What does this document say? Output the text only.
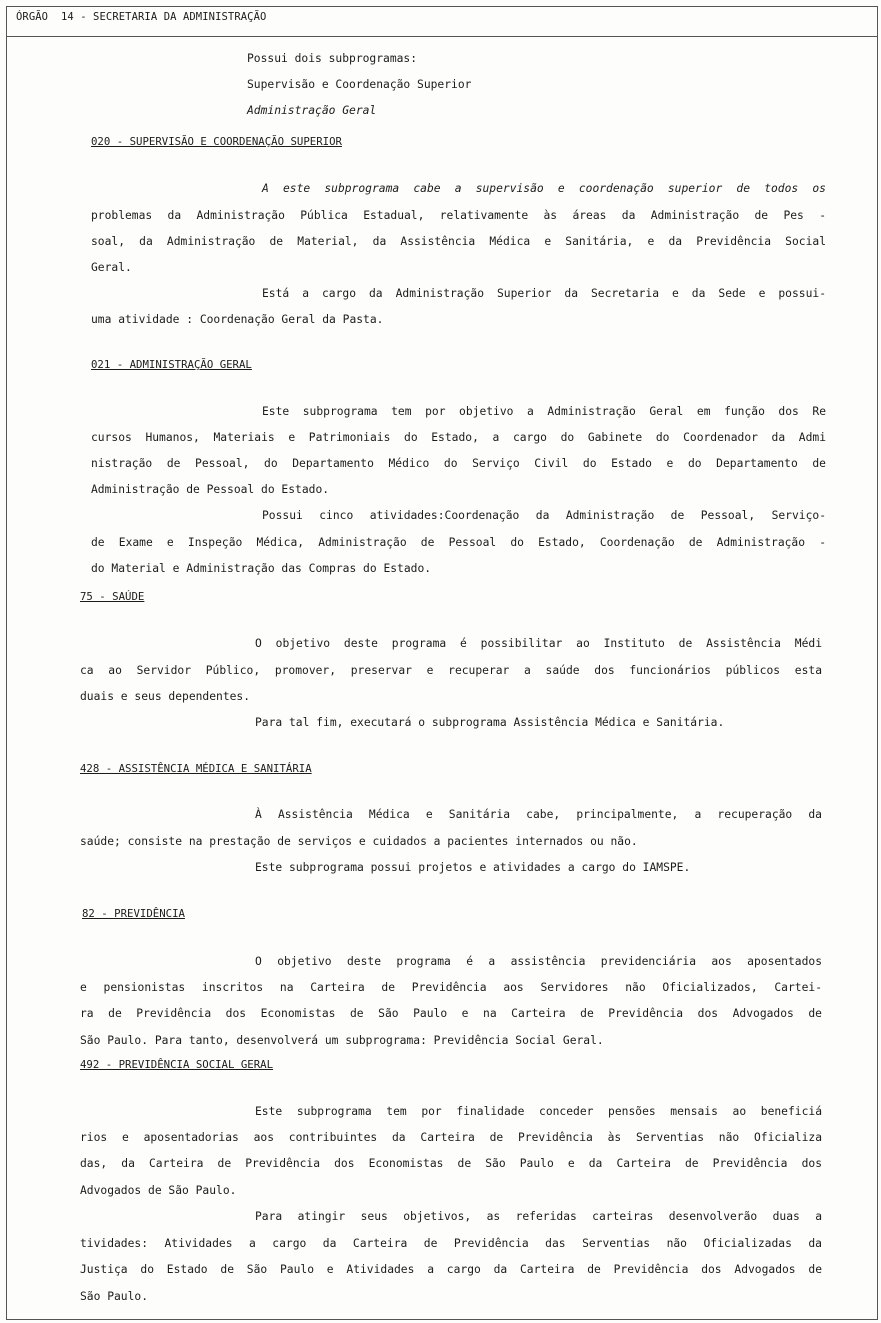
ÓRGÃO 14 - SECRETARIA DA ADMINISTRAÇÃO
Possui dois subprogramas:
Supervisão e Coordenação Superior
Administração Geral
020 - SUPERVISÃO E COORDENAÇÃO SUPERIOR
A este subprograma cabe a supervisão e coordenação superior de todos os
problemas da Administração Pública Estadual, relativamente às áreas da Administração de Pes -
soal, da Administração de Material, da Assistência Médica e Sanitária, e da Previdência Social
Geral.
Está a cargo da Administração Superior da Secretaria e da Sede e possui-
uma atividade : Coordenação Geral da Pasta.
021 - ADMINISTRAÇÃO GERAL
Este subprograma tem por objetivo a Administração Geral em função dos Re
cursos Humanos, Materiais e Patrimoniais do Estado, a cargo do Gabinete do Coordenador da Admi
nistração de Pessoal, do Departamento Médico do Serviço Civil do Estado e do Departamento de
Administração de Pessoal do Estado.
Possui cinco atividades:Coordenação da Administração de Pessoal, Serviço-
de Exame e Inspeção Médica, Administração de Pessoal do Estado, Coordenação de Administração -
do Material e Administração das Compras do Estado.
75 - SAÚDE
O objetivo deste programa é possibilitar ao Instituto de Assistência Médi
ca ao Servidor Público, promover, preservar e recuperar a saúde dos funcionários públicos esta
duais e seus dependentes.
Para tal fim, executará o subprograma Assistência Médica e Sanitária.
428 - ASSISTÊNCIA MÉDICA E SANITÁRIA
À Assistência Médica e Sanitária cabe, principalmente, a recuperação da
saúde; consiste na prestação de serviços e cuidados a pacientes internados ou não.
Este subprograma possui projetos e atividades a cargo do IAMSPE.
82 - PREVIDÊNCIA
O objetivo deste programa é a assistência previdenciária aos aposentados
e pensionistas inscritos na Carteira de Previdência aos Servidores não Oficializados, Cartei-
ra de Previdência dos Economistas de São Paulo e na Carteira de Previdência dos Advogados de
São Paulo. Para tanto, desenvolverá um subprograma: Previdência Social Geral.
492 - PREVIDÊNCIA SOCIAL GERAL
Este subprograma tem por finalidade conceder pensões mensais ao beneficiá
rios e aposentadorias aos contribuintes da Carteira de Previdência às Serventias não Oficializa
das, da Carteira de Previdência dos Economistas de São Paulo e da Carteira de Previdência dos
Advogados de São Paulo.
Para atingir seus objetivos, as referidas carteiras desenvolverão duas a
tividades: Atividades a cargo da Carteira de Previdência das Serventias não Oficializadas da
Justiça do Estado de São Paulo e Atividades a cargo da Carteira de Previdência dos Advogados de
São Paulo.
